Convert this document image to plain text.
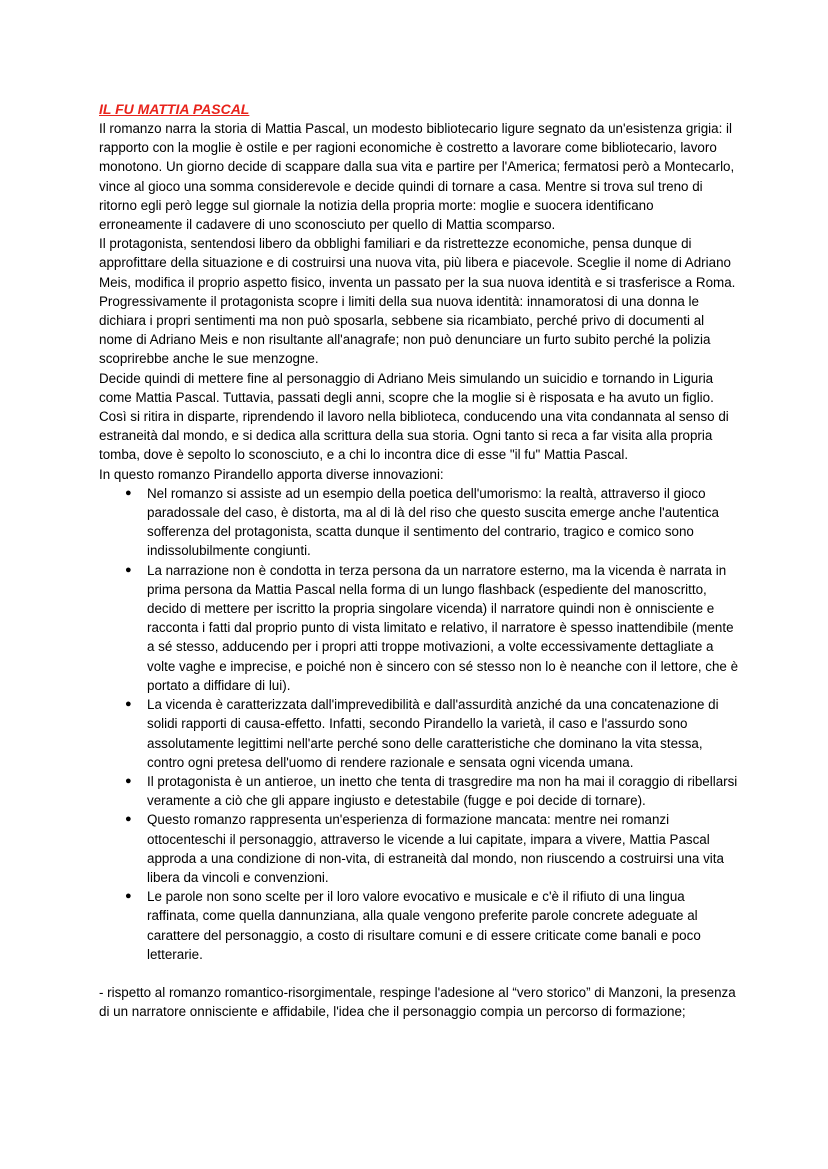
IL FU MATTIA PASCAL

Il romanzo narra la storia di Mattia Pascal, un modesto bibliotecario ligure segnato da un'esistenza grigia: il rapporto con la moglie è ostile e per ragioni economiche è costretto a lavorare come bibliotecario, lavoro monotono. Un giorno decide di scappare dalla sua vita e partire per l'America; fermatosi però a Montecarlo, vince al gioco una somma considerevole e decide quindi di tornare a casa. Mentre si trova sul treno di ritorno egli però legge sul giornale la notizia della propria morte: moglie e suocera identificano erroneamente il cadavere di uno sconosciuto per quello di Mattia scomparso.

Il protagonista, sentendosi libero da obblighi familiari e da ristrettezze economiche, pensa dunque di approfittare della situazione e di costruirsi una nuova vita, più libera e piacevole. Sceglie il nome di Adriano Meis, modifica il proprio aspetto fisico, inventa un passato per la sua nuova identità e si trasferisce a Roma. Progressivamente il protagonista scopre i limiti della sua nuova identità: innamoratosi di una donna le dichiara i propri sentimenti ma non può sposarla, sebbene sia ricambiato, perché privo di documenti al nome di Adriano Meis e non risultante all'anagrafe; non può denunciare un furto subito perché la polizia scoprirebbe anche le sue menzogne.

Decide quindi di mettere fine al personaggio di Adriano Meis simulando un suicidio e tornando in Liguria come Mattia Pascal. Tuttavia, passati degli anni, scopre che la moglie si è risposata e ha avuto un figlio. Così si ritira in disparte, riprendendo il lavoro nella biblioteca, conducendo una vita condannata al senso di estraneità dal mondo, e si dedica alla scrittura della sua storia. Ogni tanto si reca a far visita alla propria tomba, dove è sepolto lo sconosciuto, e a chi lo incontra dice di esse "il fu" Mattia Pascal.

In questo romanzo Pirandello apporta diverse innovazioni:

● Nel romanzo si assiste ad un esempio della poetica dell'umorismo: la realtà, attraverso il gioco paradossale del caso, è distorta, ma al di là del riso che questo suscita emerge anche l'autentica sofferenza del protagonista, scatta dunque il sentimento del contrario, tragico e comico sono indissolubilmente congiunti.
● La narrazione non è condotta in terza persona da un narratore esterno, ma la vicenda è narrata in prima persona da Mattia Pascal nella forma di un lungo flashback (espediente del manoscritto, decido di mettere per iscritto la propria singolare vicenda) il narratore quindi non è onnisciente e racconta i fatti dal proprio punto di vista limitato e relativo, il narratore è spesso inattendibile (mente a sé stesso, adducendo per i propri atti troppe motivazioni, a volte eccessivamente dettagliate a volte vaghe e imprecise, e poiché non è sincero con sé stesso non lo è neanche con il lettore, che è portato a diffidare di lui).
● La vicenda è caratterizzata dall'imprevedibilità e dall'assurdità anziché da una concatenazione di solidi rapporti di causa-effetto. Infatti, secondo Pirandello la varietà, il caso e l'assurdo sono assolutamente legittimi nell'arte perché sono delle caratteristiche che dominano la vita stessa, contro ogni pretesa dell'uomo di rendere razionale e sensata ogni vicenda umana.
● Il protagonista è un antieroe, un inetto che tenta di trasgredire ma non ha mai il coraggio di ribellarsi veramente a ciò che gli appare ingiusto e detestabile (fugge e poi decide di tornare).
● Questo romanzo rappresenta un'esperienza di formazione mancata: mentre nei romanzi ottocenteschi il personaggio, attraverso le vicende a lui capitate, impara a vivere, Mattia Pascal approda a una condizione di non-vita, di estraneità dal mondo, non riuscendo a costruirsi una vita libera da vincoli e convenzioni.
● Le parole non sono scelte per il loro valore evocativo e musicale e c'è il rifiuto di una lingua raffinata, come quella dannunziana, alla quale vengono preferite parole concrete adeguate al carattere del personaggio, a costo di risultare comuni e di essere criticate come banali e poco letterarie.

- rispetto al romanzo romantico-risorgimentale, respinge l'adesione al “vero storico” di Manzoni, la presenza di un narratore onnisciente e affidabile, l'idea che il personaggio compia un percorso di formazione;
